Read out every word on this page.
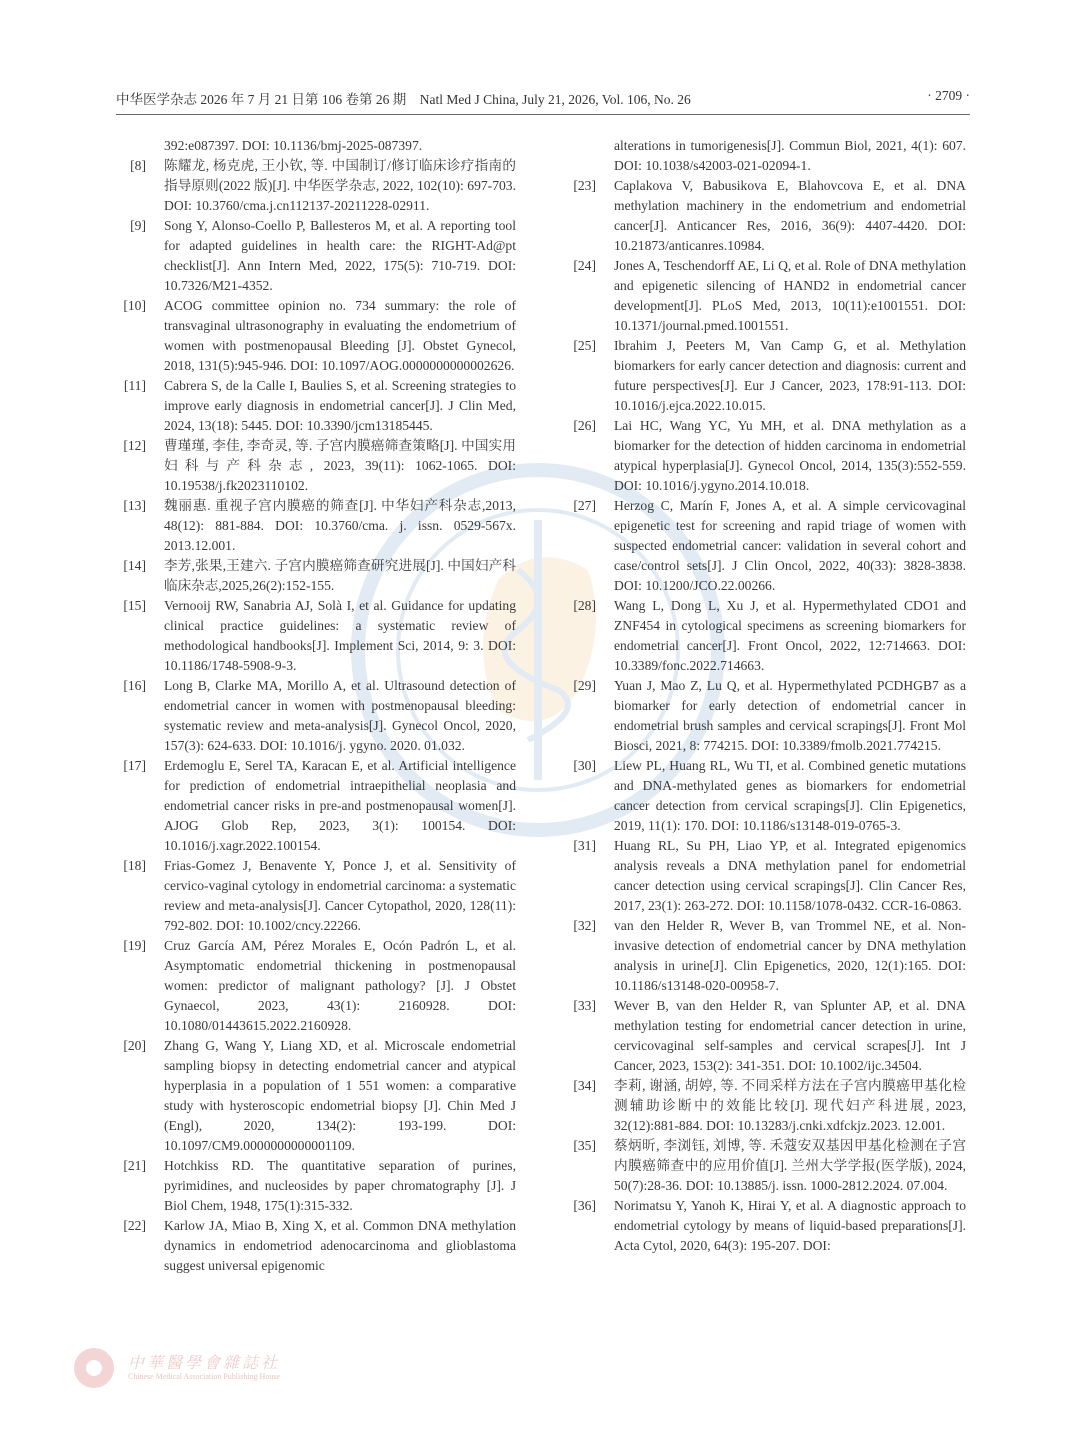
中华医学杂志 2026 年 7 月 21 日第 106 卷第 26 期　Natl Med J China, July 21, 2026, Vol. 106, No. 26	· 2709 ·
392:e087397. DOI: 10.1136/bmj-2025-087397.
[8] 陈耀龙, 杨克虎, 王小钦, 等. 中国制订/修订临床诊疗指南的指导原则(2022 版)[J]. 中华医学杂志, 2022, 102(10): 697-703. DOI: 10.3760/cma.j.cn112137-20211228-02911.
[9] Song Y, Alonso-Coello P, Ballesteros M, et al. A reporting tool for adapted guidelines in health care: the RIGHT-Ad@pt checklist[J]. Ann Intern Med, 2022, 175(5): 710-719. DOI: 10.7326/M21-4352.
[10] ACOG committee opinion no. 734 summary: the role of transvaginal ultrasonography in evaluating the endometrium of women with postmenopausal Bleeding [J]. Obstet Gynecol, 2018, 131(5):945-946. DOI: 10.1097/AOG.0000000000002626.
[11] Cabrera S, de la Calle I, Baulies S, et al. Screening strategies to improve early diagnosis in endometrial cancer[J]. J Clin Med, 2024, 13(18): 5445. DOI: 10.3390/jcm13185445.
[12] 曹瑾瑾, 李佳, 李奇灵, 等. 子宫内膜癌筛查策略[J]. 中国实用妇科与产科杂志, 2023, 39(11): 1062-1065. DOI: 10.19538/j.fk2023110102.
[13] 魏丽惠. 重视子宫内膜癌的筛查[J]. 中华妇产科杂志,2013, 48(12): 881-884. DOI: 10.3760/cma. j. issn. 0529-567x. 2013.12.001.
[14] 李芳,张果,王建六. 子宫内膜癌筛查研究进展[J]. 中国妇产科临床杂志,2025,26(2):152-155.
[15] Vernooij RW, Sanabria AJ, Solà I, et al. Guidance for updating clinical practice guidelines: a systematic review of methodological handbooks[J]. Implement Sci, 2014, 9: 3. DOI: 10.1186/1748-5908-9-3.
[16] Long B, Clarke MA, Morillo A, et al. Ultrasound detection of endometrial cancer in women with postmenopausal bleeding: systematic review and meta-analysis[J]. Gynecol Oncol, 2020, 157(3): 624-633. DOI: 10.1016/j. ygyno. 2020. 01.032.
[17] Erdemoglu E, Serel TA, Karacan E, et al. Artificial intelligence for prediction of endometrial intraepithelial neoplasia and endometrial cancer risks in pre-and postmenopausal women[J]. AJOG Glob Rep, 2023, 3(1): 100154. DOI: 10.1016/j.xagr.2022.100154.
[18] Frias-Gomez J, Benavente Y, Ponce J, et al. Sensitivity of cervico-vaginal cytology in endometrial carcinoma: a systematic review and meta-analysis[J]. Cancer Cytopathol, 2020, 128(11): 792-802. DOI: 10.1002/cncy.22266.
[19] Cruz García AM, Pérez Morales E, Ocón Padrón L, et al. Asymptomatic endometrial thickening in postmenopausal women: predictor of malignant pathology? [J]. J Obstet Gynaecol, 2023, 43(1): 2160928. DOI: 10.1080/01443615.2022.2160928.
[20] Zhang G, Wang Y, Liang XD, et al. Microscale endometrial sampling biopsy in detecting endometrial cancer and atypical hyperplasia in a population of 1 551 women: a comparative study with hysteroscopic endometrial biopsy [J]. Chin Med J (Engl), 2020, 134(2): 193-199. DOI: 10.1097/CM9.0000000000001109.
[21] Hotchkiss RD. The quantitative separation of purines, pyrimidines, and nucleosides by paper chromatography [J]. J Biol Chem, 1948, 175(1):315-332.
[22] Karlow JA, Miao B, Xing X, et al. Common DNA methylation dynamics in endometriod adenocarcinoma and glioblastoma suggest universal epigenomic
alterations in tumorigenesis[J]. Commun Biol, 2021, 4(1): 607. DOI: 10.1038/s42003-021-02094-1.
[23] Caplakova V, Babusikova E, Blahovcova E, et al. DNA methylation machinery in the endometrium and endometrial cancer[J]. Anticancer Res, 2016, 36(9): 4407-4420. DOI: 10.21873/anticanres.10984.
[24] Jones A, Teschendorff AE, Li Q, et al. Role of DNA methylation and epigenetic silencing of HAND2 in endometrial cancer development[J]. PLoS Med, 2013, 10(11):e1001551. DOI: 10.1371/journal.pmed.1001551.
[25] Ibrahim J, Peeters M, Van Camp G, et al. Methylation biomarkers for early cancer detection and diagnosis: current and future perspectives[J]. Eur J Cancer, 2023, 178:91-113. DOI: 10.1016/j.ejca.2022.10.015.
[26] Lai HC, Wang YC, Yu MH, et al. DNA methylation as a biomarker for the detection of hidden carcinoma in endometrial atypical hyperplasia[J]. Gynecol Oncol, 2014, 135(3):552-559. DOI: 10.1016/j.ygyno.2014.10.018.
[27] Herzog C, Marín F, Jones A, et al. A simple cervicovaginal epigenetic test for screening and rapid triage of women with suspected endometrial cancer: validation in several cohort and case/control sets[J]. J Clin Oncol, 2022, 40(33): 3828-3838. DOI: 10.1200/JCO.22.00266.
[28] Wang L, Dong L, Xu J, et al. Hypermethylated CDO1 and ZNF454 in cytological specimens as screening biomarkers for endometrial cancer[J]. Front Oncol, 2022, 12:714663. DOI: 10.3389/fonc.2022.714663.
[29] Yuan J, Mao Z, Lu Q, et al. Hypermethylated PCDHGB7 as a biomarker for early detection of endometrial cancer in endometrial brush samples and cervical scrapings[J]. Front Mol Biosci, 2021, 8: 774215. DOI: 10.3389/fmolb.2021.774215.
[30] Liew PL, Huang RL, Wu TI, et al. Combined genetic mutations and DNA-methylated genes as biomarkers for endometrial cancer detection from cervical scrapings[J]. Clin Epigenetics, 2019, 11(1): 170. DOI: 10.1186/s13148-019-0765-3.
[31] Huang RL, Su PH, Liao YP, et al. Integrated epigenomics analysis reveals a DNA methylation panel for endometrial cancer detection using cervical scrapings[J]. Clin Cancer Res, 2017, 23(1): 263-272. DOI: 10.1158/1078-0432. CCR-16-0863.
[32] van den Helder R, Wever B, van Trommel NE, et al. Non-invasive detection of endometrial cancer by DNA methylation analysis in urine[J]. Clin Epigenetics, 2020, 12(1):165. DOI: 10.1186/s13148-020-00958-7.
[33] Wever B, van den Helder R, van Splunter AP, et al. DNA methylation testing for endometrial cancer detection in urine, cervicovaginal self-samples and cervical scrapes[J]. Int J Cancer, 2023, 153(2): 341-351. DOI: 10.1002/ijc.34504.
[34] 李莉, 谢涵, 胡婷, 等. 不同采样方法在子宫内膜癌甲基化检测辅助诊断中的效能比较[J]. 现代妇产科进展, 2023, 32(12):881-884. DOI: 10.13283/j.cnki.xdfckjz.2023. 12.001.
[35] 蔡炳昕, 李浏钰, 刘博, 等. 禾蔻安双基因甲基化检测在子宫内膜癌筛查中的应用价值[J]. 兰州大学学报(医学版), 2024, 50(7):28-36. DOI: 10.13885/j. issn. 1000-2812.2024. 07.004.
[36] Norimatsu Y, Yanoh K, Hirai Y, et al. A diagnostic approach to endometrial cytology by means of liquid-based preparations[J]. Acta Cytol, 2020, 64(3): 195-207. DOI:
中華醫學會雜誌社
Chinese Medical Association Publishing House
